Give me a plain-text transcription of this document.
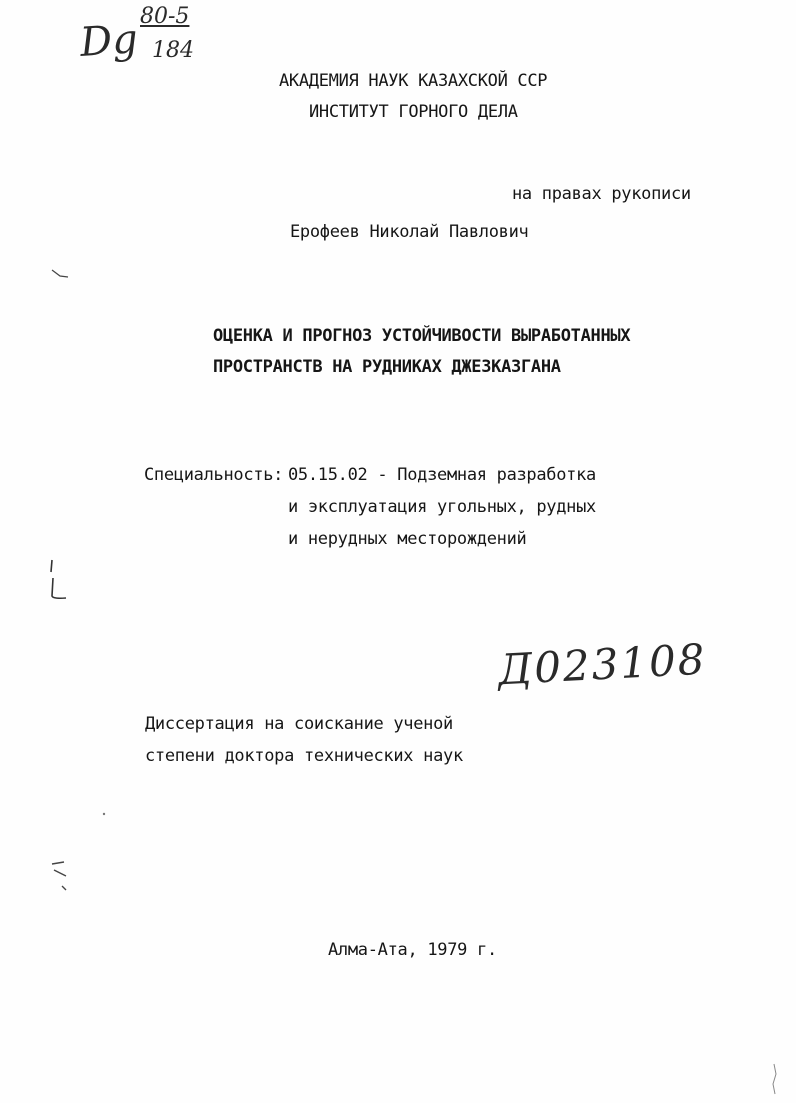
Dg 80-5
184
АКАДЕМИЯ НАУК КАЗАХСКОЙ ССР
ИНСТИТУТ ГОРНОГО ДЕЛА
на правах рукописи
Ерофеев Николай Павлович
ОЦЕНКА И ПРОГНОЗ УСТОЙЧИВОСТИ ВЫРАБОТАННЫХ
ПРОСТРАНСТВ НА РУДНИКАХ ДЖЕЗКАЗГАНА
Специальность: 05.15.02 - Подземная разработка
и эксплуатация угольных, рудных
и нерудных месторождений
Д023108
Диссертация на соискание ученой
степени доктора технических наук
Алма-Ата, 1979 г.
